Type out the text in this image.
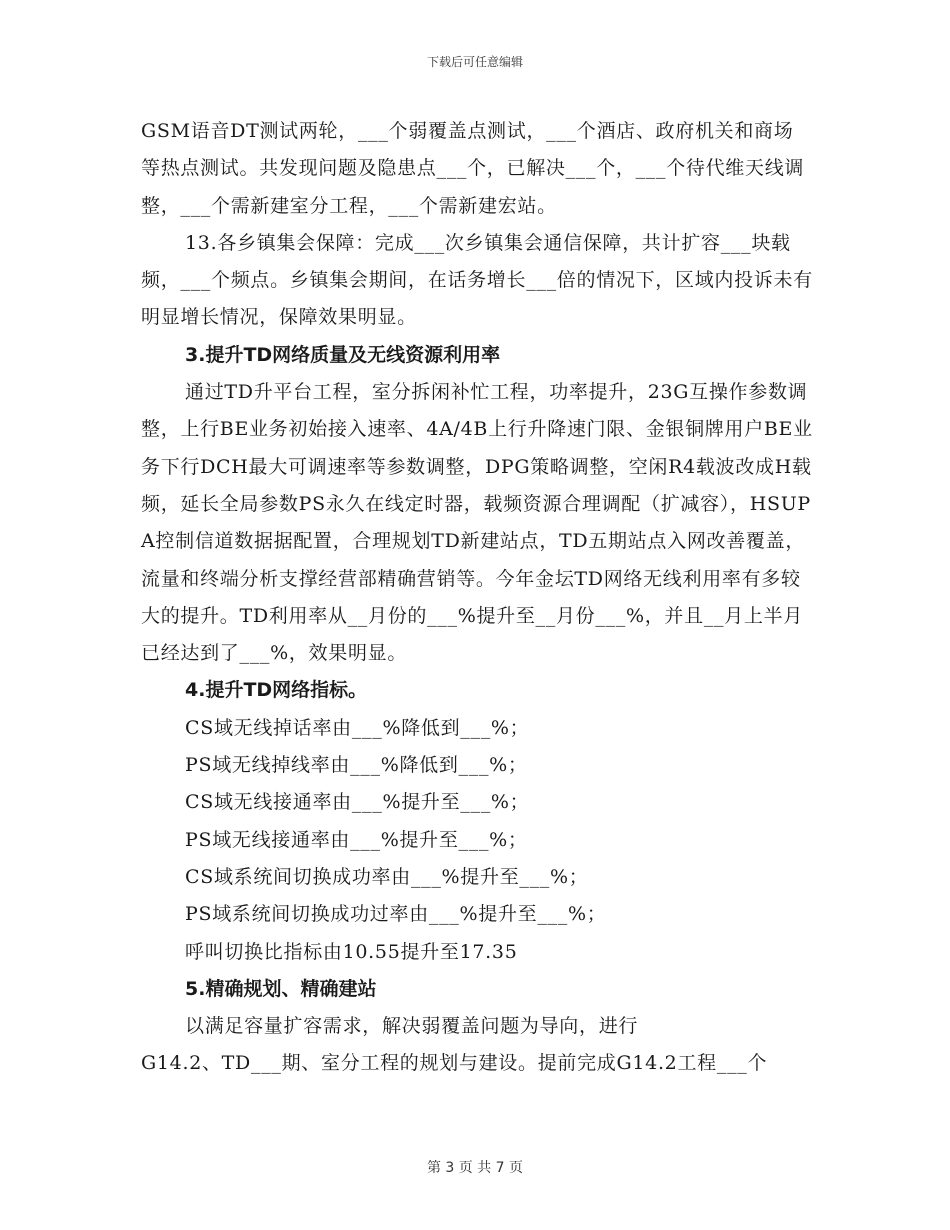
下载后可任意编辑

GSM语音DT测试两轮，___个弱覆盖点测试，___个酒店、政府机关和商场等热点测试。共发现问题及隐患点___个，已解决___个，___个待代维天线调整，___个需新建室分工程，___个需新建宏站。

13.各乡镇集会保障：完成___次乡镇集会通信保障，共计扩容___块载频，___个频点。乡镇集会期间，在话务增长___倍的情况下，区域内投诉未有明显增长情况，保障效果明显。

3.提升TD网络质量及无线资源利用率

通过TD升平台工程，室分拆闲补忙工程，功率提升，23G互操作参数调整，上行BE业务初始接入速率、4A/4B上行升降速门限、金银铜牌用户BE业务下行DCH最大可调速率等参数调整，DPG策略调整，空闲R4载波改成H载频，延长全局参数PS永久在线定时器，载频资源合理调配（扩减容），HSUPA控制信道数据据配置，合理规划TD新建站点，TD五期站点入网改善覆盖，流量和终端分析支撑经营部精确营销等。今年金坛TD网络无线利用率有多较大的提升。TD利用率从__月份的___%提升至__月份___%，并且__月上半月已经达到了___%，效果明显。

4.提升TD网络指标。

CS域无线掉话率由___%降低到___%；

PS域无线掉线率由___%降低到___%；

CS域无线接通率由___%提升至___%；

PS域无线接通率由___%提升至___%；

CS域系统间切换成功率由___%提升至___%；

PS域系统间切换成功过率由___%提升至___%；

呼叫切换比指标由10.55提升至17.35

5.精确规划、精确建站

以满足容量扩容需求，解决弱覆盖问题为导向，进行

G14.2、TD___期、室分工程的规划与建设。提前完成G14.2工程___个

第 3 页 共 7 页
